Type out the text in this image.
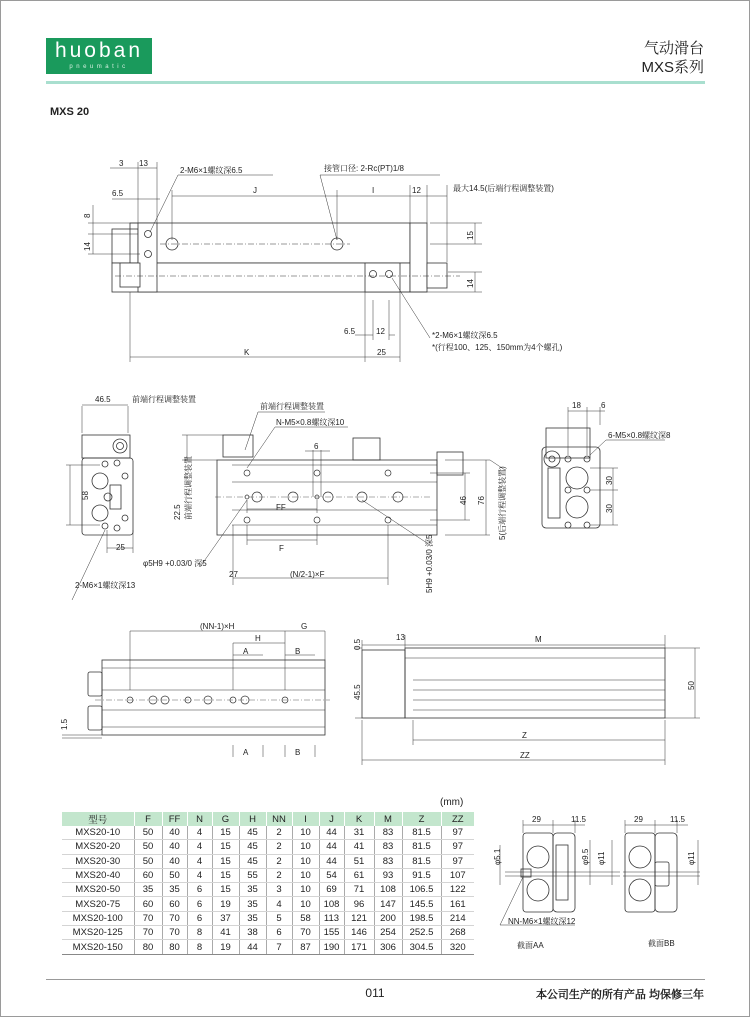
huoban
pneumatic
气动滑台
MXS系列
MXS 20
3 13
6.5	J	I	12	最大14.5(后端行程调整装置)
8
14
15
14
2-M6×1螺纹深6.5	接管口径: 2-Rc(PT)1/8
6.5	12
K	25
*2-M6×1螺纹深6.5
*(行程100、125、150mm为4个螺孔)
46.5	前端行程调整装置
58
25
2-M6×1螺纹深13
前端行程调整装置
N-M5×0.8螺纹深10
6
22.5 前端行程调整装置	FF
F
φ5H9 +0.03/0 深5
27	(N/2-1)×F	5H9 +0.03/0 深5
46 76 5(后端行程调整装置)
18	6
6-M5×0.8螺纹深8
30
30
(NN-1)×H
H
G
A	B
A	B
1.5
13	M
0.5
45.5	50
Z
ZZ
29	11.5
φ5.1	φ9.5 φ11
NN-M6×1螺纹深12
截面AA
29	11.5
φ11
截面BB
(mm)
型号	F	FF	N	G	H	NN	I	J	K	M	Z	ZZ
MXS20-10	50	40	4	15	45	2	10	44	31	83	81.5	97
MXS20-20	50	40	4	15	45	2	10	44	41	83	81.5	97
MXS20-30	50	40	4	15	45	2	10	44	51	83	81.5	97
MXS20-40	60	50	4	15	55	2	10	54	61	93	91.5	107
MXS20-50	35	35	6	15	35	3	10	69	71	108	106.5	122
MXS20-75	60	60	6	19	35	4	10	108	96	147	145.5	161
MXS20-100	70	70	6	37	35	5	58	113	121	200	198.5	214
MXS20-125	70	70	8	41	38	6	70	155	146	254	252.5	268
MXS20-150	80	80	8	19	44	7	87	190	171	306	304.5	320
011	本公司生产的所有产品 均保修三年
